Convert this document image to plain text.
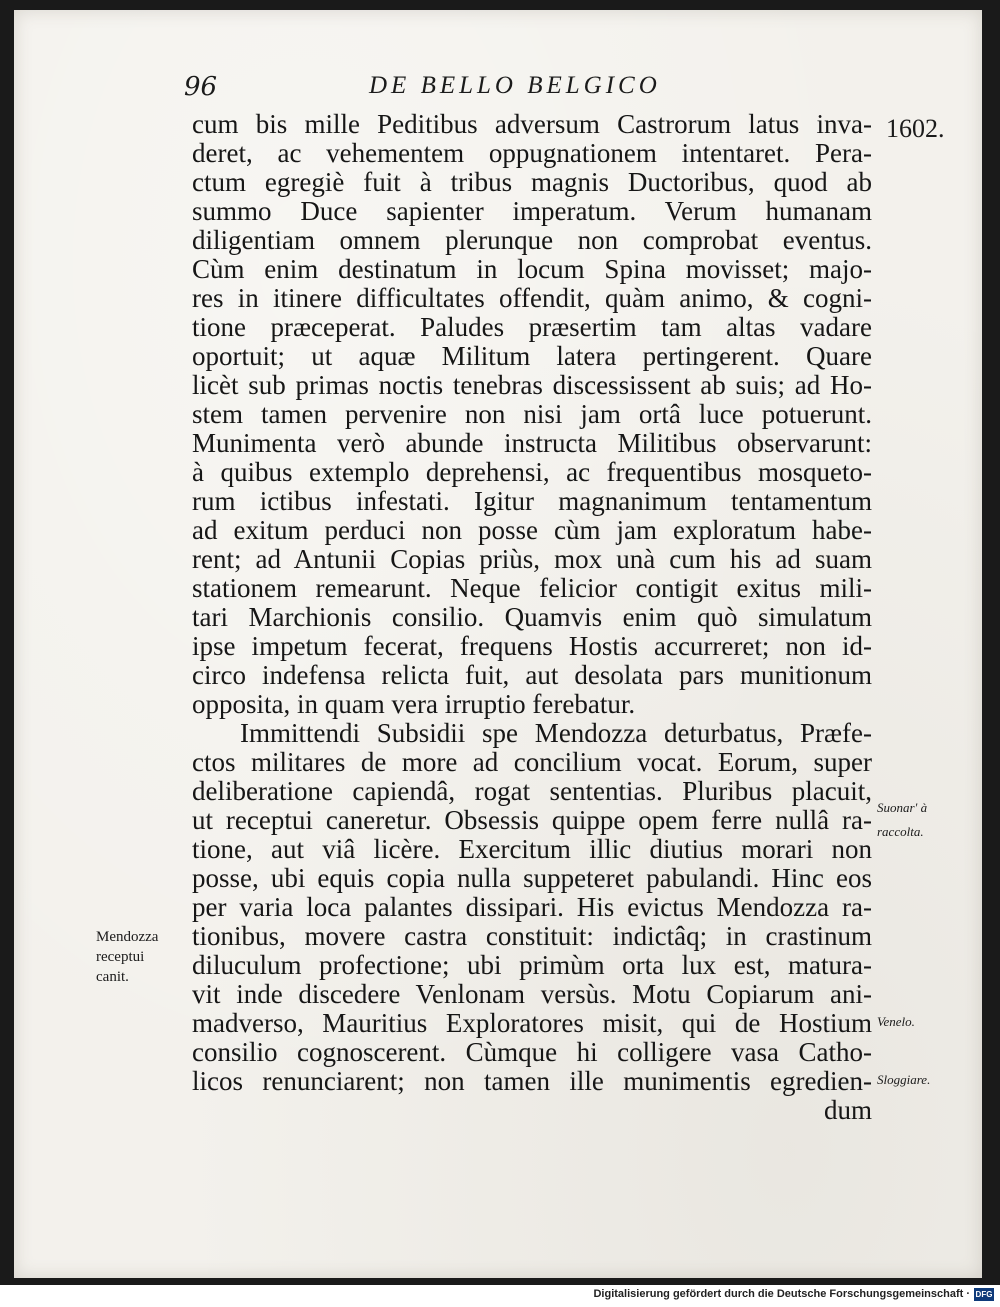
96	DE BELLO BELGICO
1602.
cum bis mille Peditibus adversum Castrorum latus inva-
deret, ac vehementem oppugnationem intentaret. Pera-
ctum egregiè fuit à tribus magnis Ductoribus, quod ab
summo Duce sapienter imperatum. Verum humanam
diligentiam omnem plerunque non comprobat eventus.
Cùm enim destinatum in locum Spina movisset; majo-
res in itinere difficultates offendit, quàm animo, & cogni-
tione præceperat. Paludes præsertim tam altas vadare
oportuit; ut aquæ Militum latera pertingerent. Quare
licèt sub primas noctis tenebras discessissent ab suis; ad Ho-
stem tamen pervenire non nisi jam ortâ luce potuerunt.
Munimenta verò abunde instructa Militibus observarunt:
à quibus extemplo deprehensi, ac frequentibus mosqueto-
rum ictibus infestati. Igitur magnanimum tentamentum
ad exitum perduci non posse cùm jam exploratum habe-
rent; ad Antunii Copias priùs, mox unà cum his ad suam
stationem remearunt. Neque felicior contigit exitus mili-
tari Marchionis consilio. Quamvis enim quò simulatum
ipse impetum fecerat, frequens Hostis accurreret; non id-
circo indefensa relicta fuit, aut desolata pars munitionum
opposita, in quam vera irruptio ferebatur.
Immittendi Subsidii spe Mendozza deturbatus, Præfe-
ctos militares de more ad concilium vocat. Eorum, super
deliberatione capiendâ, rogat sententias. Pluribus placuit,
ut receptui caneretur. Obsessis quippe opem ferre nullâ ra-
tione, aut viâ licère. Exercitum illic diutius morari non
posse, ubi equis copia nulla suppeteret pabulandi. Hinc eos
per varia loca palantes dissipari. His evictus Mendozza ra-
tionibus, movere castra constituit: indictâq; in crastinum
diluculum profectione; ubi primùm orta lux est, matura-
vit inde discedere Venlonam versùs. Motu Copiarum ani-
madverso, Mauritius Exploratores misit, qui de Hostium
consilio cognoscerent. Cùmque hi colligere vasa Catho-
licos renunciarent; non tamen ille munimentis egredien-
dum
Mendozza
receptui
canit.
Suonar' à
raccolta.
Venelo.
Sloggiare.
Digitalisierung gefördert durch die Deutsche Forschungsgemeinschaft · DFG
